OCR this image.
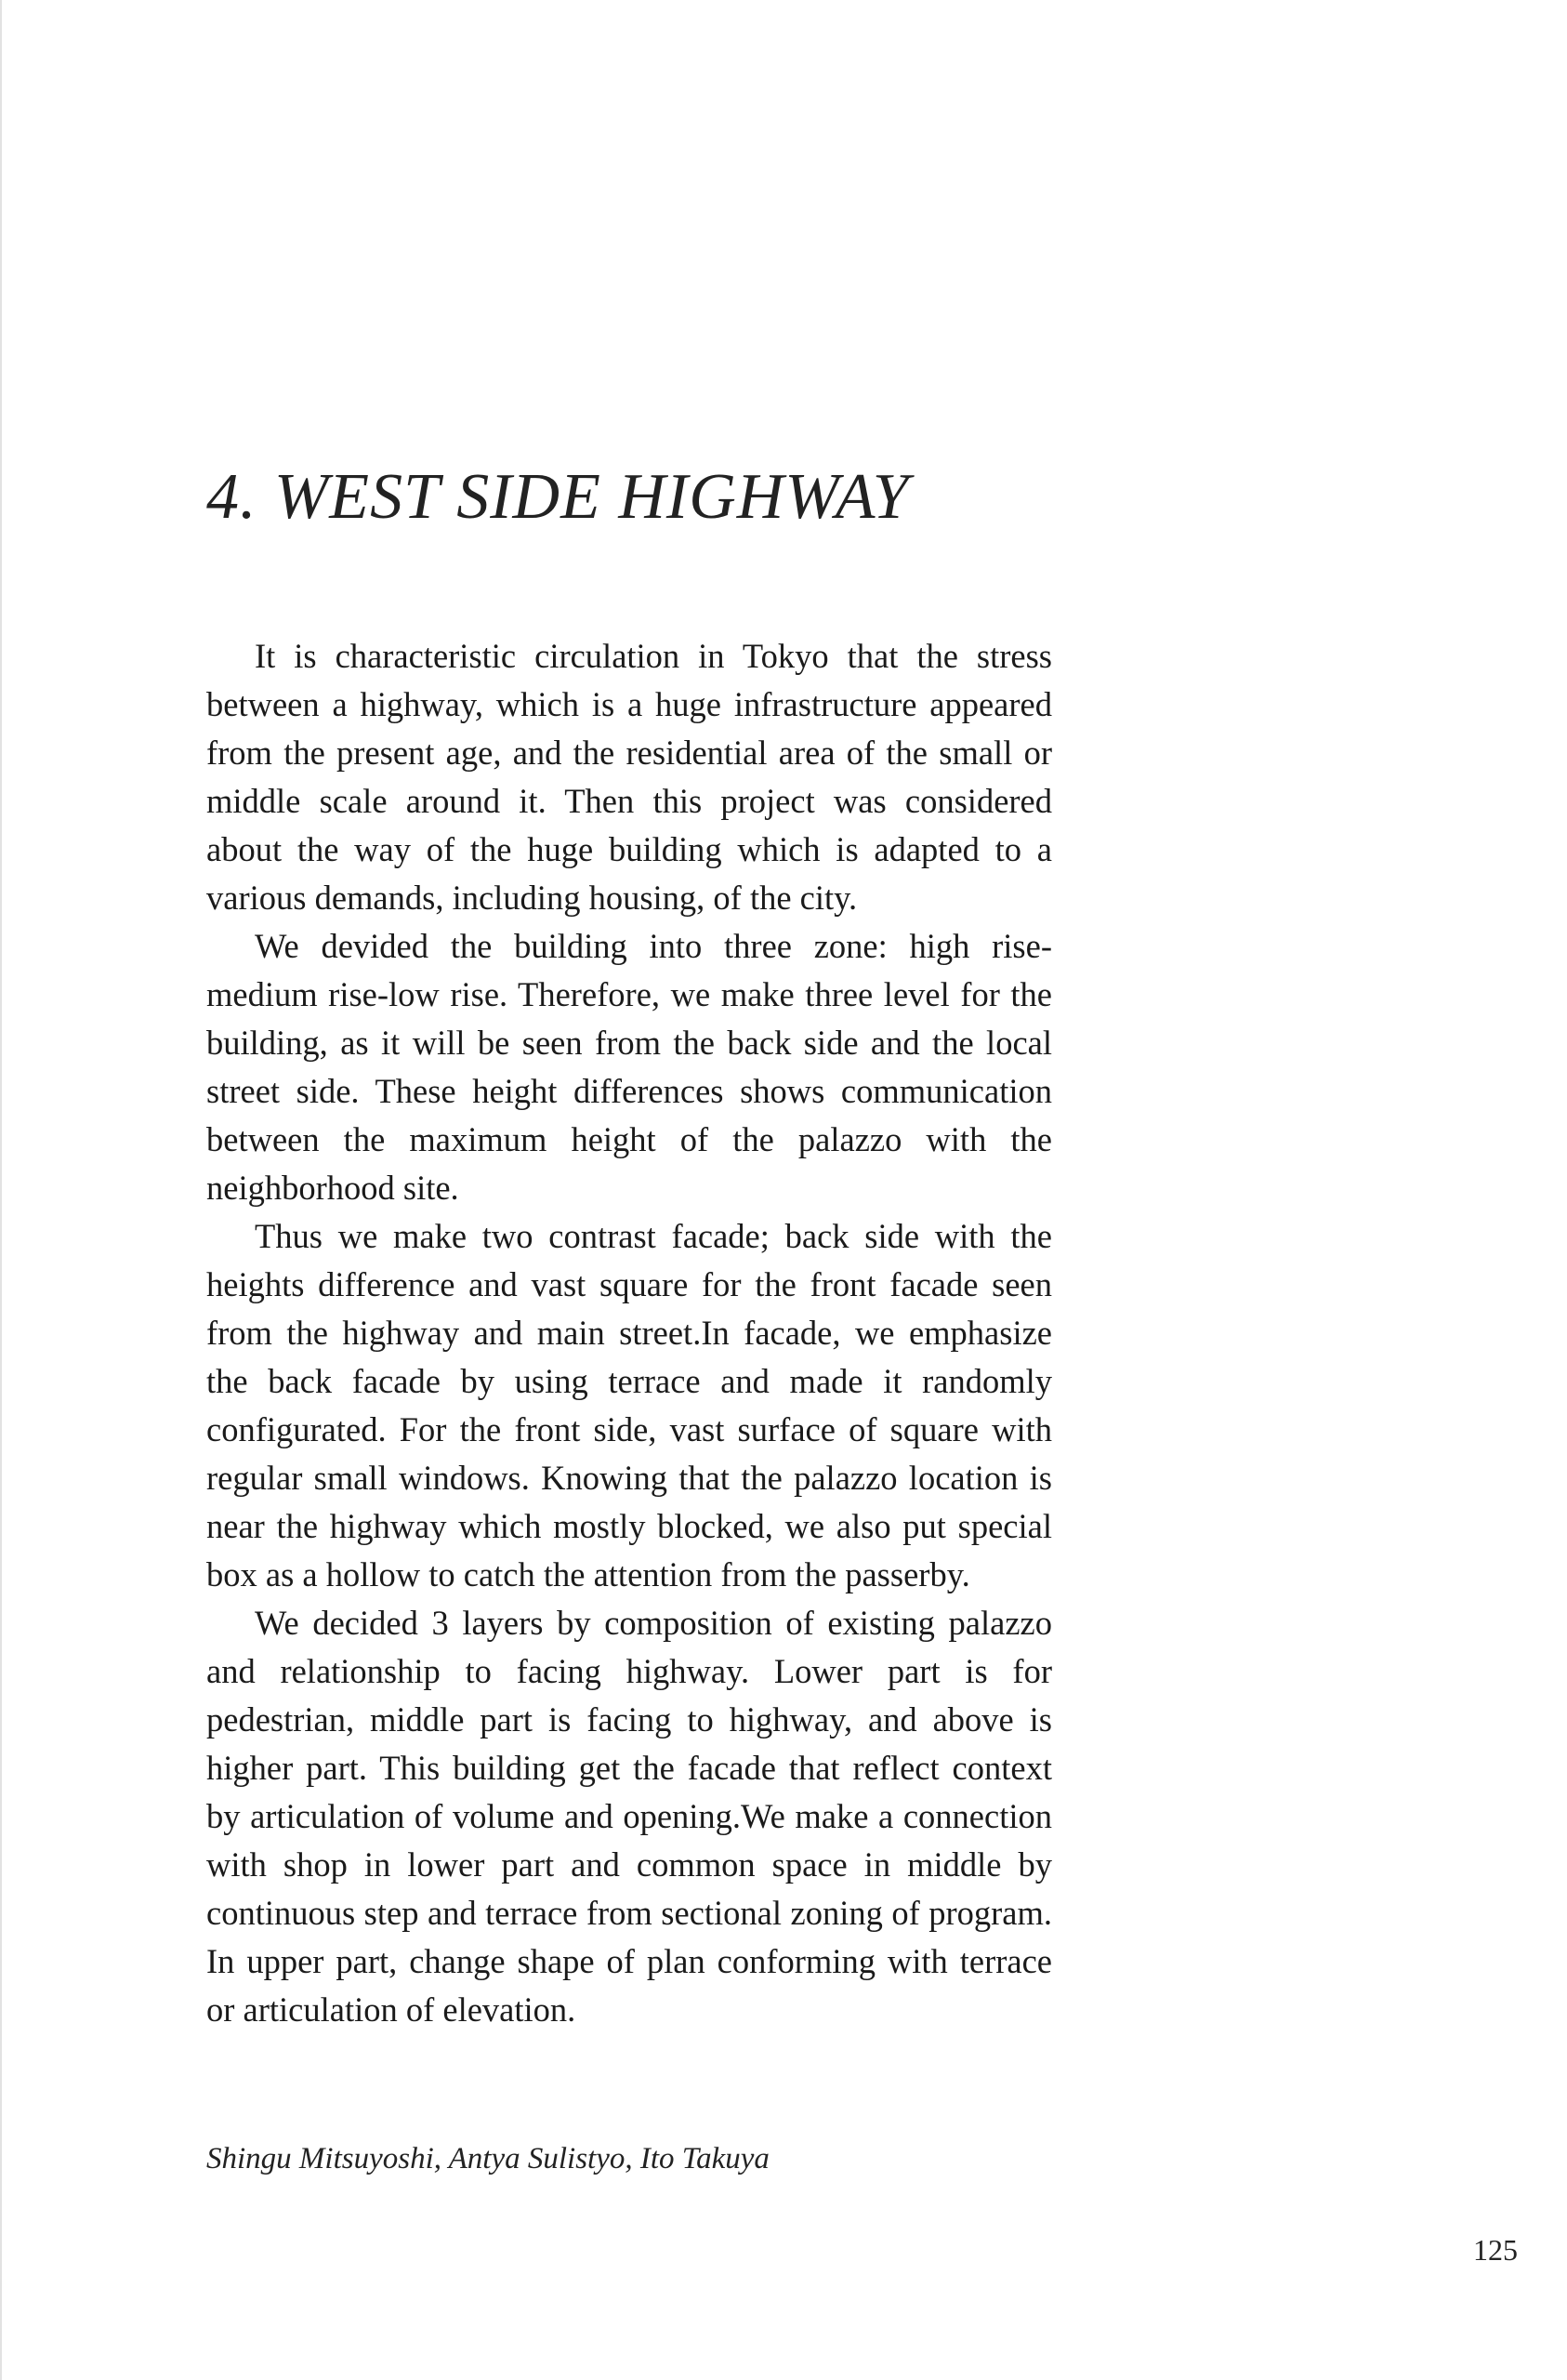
4. WEST SIDE HIGHWAY

It is characteristic circulation in Tokyo that the stress between a highway, which is a huge infrastructure appeared from the present age, and the residential area of the small or middle scale around it. Then this project was considered about the way of the huge building which is adapted to a various demands, including housing, of the city.

We devided the building into three zone: high rise-medium rise-low rise. Therefore, we make three level for the building, as it will be seen from the back side and the local street side. These height differences shows communication between the maximum height of the palazzo with the neighborhood site.

Thus we make two contrast facade; back side with the heights difference and vast square for the front facade seen from the highway and main street.In facade, we emphasize the back facade by using terrace and made it randomly configurated. For the front side, vast surface of square with regular small windows. Knowing that the palazzo location is near the highway which mostly blocked, we also put special box as a hollow to catch the attention from the passerby.

We decided 3 layers by composition of existing palazzo and relationship to facing highway. Lower part is for pedestrian, middle part is facing to highway, and above is higher part. This building get the facade that reflect context by articulation of volume and opening.We make a connection with shop in lower part and common space in middle by continuous step and terrace from sectional zoning of program. In upper part, change shape of plan conforming with terrace or articulation of elevation.

Shingu Mitsuyoshi, Antya Sulistyo, Ito Takuya

125
